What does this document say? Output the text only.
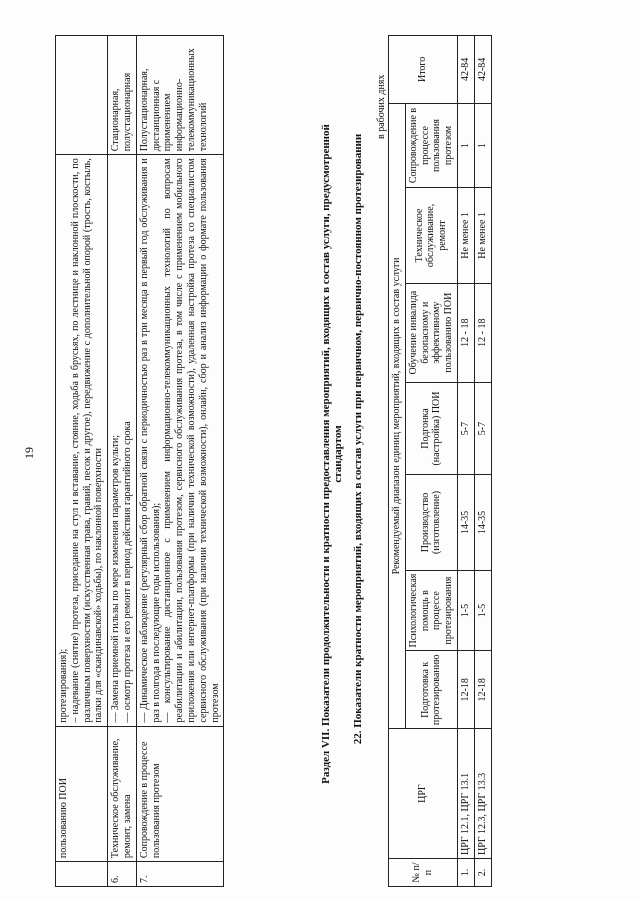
19
	пользованию ПОИ	протезирования); – надевание (снятие) протеза, приседание на стул и вставание, стояние, ходьба в брусьях, по лестнице и наклонной плоскости, по различным поверхностям (искусственная трава, гравий, песок и другое), передвижение с дополнительной опорой (трость, костыль, палки для «скандинавской» ходьбы), по наклонной поверхности	

6.	Техническое обслуживание, ремонт, замена	— Замена приемной гильзы по мере изменения параметров культи; — осмотр протеза и его ремонт в период действия гарантийного срока	Стационарная, полустационарная
7.	Сопровождение в процессе пользования протезом	— Динамическое наблюдение (регулярный сбор обратной связи с периодичностью раз в три месяца в первый год обслуживания и раз в полгода в последующие годы использования); — консультирование дистанционное с применением информационно-телекоммуникационных технологий по вопросам реабилитации и абилитации, пользования протезом, сервисного обслуживания протеза, в том числе с применением мобильного приложения или интернет-платформы (при наличии технической возможности), удаленная настройка протеза со специалистом сервисного обслуживания (при наличии технической возможности), онлайн, сбор и анализ информации о формате пользования протезом	Полустационарная, дистанционная с применением информационно-телекоммуникационных технологий	Раздел VII. Показатели продолжительности и кратности предоставления мероприятий, входящих в состав услуги, предусмотренной стандартом 22. Показатели кратности мероприятий, входящих в состав услуги при первичном, первично-постоянном протезировании
в рабочих днях
№ п/п	ЦРГ	Рекомендуемый диапазон единиц мероприятий, входящих в состав услуги							Итого
		Подготовка к протезированию	Психологическая помощь в процессе протезирования	Производство (изготовление)	Подгонка (настройка) ПОИ	Обучение инвалида безопасному и эффективному пользованию ПОИ	Техническое обслуживание, ремонт	Сопровождение в процессе пользования протезом	
1.	ЦРГ 12.1, ЦРГ 13.1	12-18	1-5	14-35	5-7	12 - 18	Не менее 1	1	42-84
2.	ЦРГ 12.3, ЦРГ 13.3	12-18	1-5	14-35	5-7	12 - 18	Не менее 1	1	42-84
